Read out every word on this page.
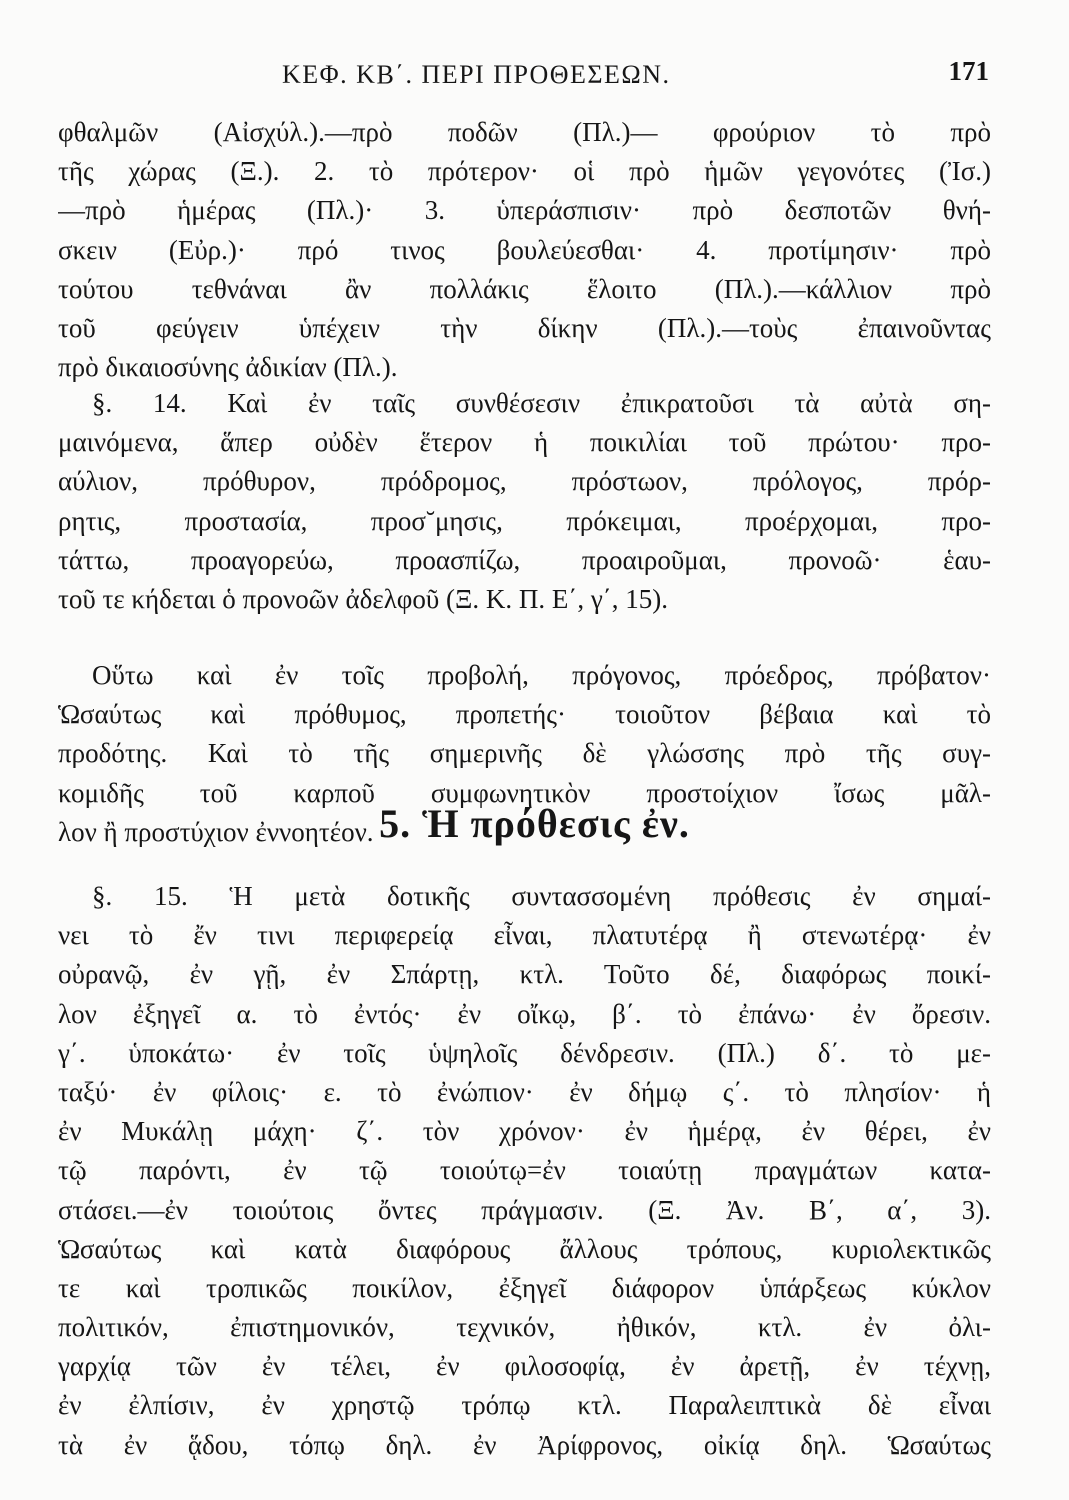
ΚΕΦ. ΚΒ΄. ΠΕΡΙ ΠΡΟΘΕΣΕΩΝ.	171
φθαλμῶν (Αἰσχύλ.).—πρὸ ποδῶν (Πλ.)— φρούριον τὸ πρὸ
τῆς χώρας (Ξ.). 2. τὸ πρότερον· οἱ πρὸ ἡμῶν γεγονότες (Ἰσ.)
—πρὸ ἡμέρας (Πλ.)· 3. ὑπεράσπισιν· πρὸ δεσποτῶν θνή-
σκειν (Εὐρ.)· πρό τινος βουλεύεσθαι· 4. προτίμησιν· πρὸ
τούτου τεθνάναι ἂν πολλάκις ἕλοιτο (Πλ.).—κάλλιον πρὸ
τοῦ φεύγειν ὑπέχειν τὴν δίκην (Πλ.).—τοὺς ἐπαινοῦντας
πρὸ δικαιοσύνης ἀδικίαν (Πλ.).
§. 14. Καὶ ἐν ταῖς συνθέσεσιν ἐπικρατοῦσι τὰ αὐτὰ ση-
μαινόμενα, ἅπερ οὐδὲν ἕτερον ἡ ποικιλίαι τοῦ πρώτου· προ-
αύλιον, πρόθυρον, πρόδρομος, πρόστωον, πρόλογος, πρόρ-
ρητις, προστασία, προσ˘μησις, πρόκειμαι, προέρχομαι, προ-
τάττω, προαγορεύω, προασπίζω, προαιροῦμαι, προνοῶ· ἑαυ-
τοῦ τε κήδεται ὁ προνοῶν ἀδελφοῦ (Ξ. Κ. Π. Ε΄, γ΄, 15).
Οὕτω καὶ ἐν τοῖς προβολή, πρόγονος, πρόεδρος, πρόβατον·
Ὡσαύτως καὶ πρόθυμος, προπετής· τοιοῦτον βέβαια καὶ τὸ
προδότης. Καὶ τὸ τῆς σημερινῆς δὲ γλώσσης πρὸ τῆς συγ-
κομιδῆς τοῦ καρποῦ συμφωνητικὸν προστοίχιον ἴσως μᾶλ-
λον ἢ προστύχιον ἐννοητέον. 5. Ἡ πρόθεσις ἐν.
§. 15. Ἡ μετὰ δοτικῆς συντασσομένη πρόθεσις ἐν σημαί-
νει τὸ ἔν τινι περιφερείᾳ εἶναι, πλατυτέρᾳ ἢ στενωτέρᾳ· ἐν
οὐρανῷ, ἐν γῇ, ἐν Σπάρτῃ, κτλ. Τοῦτο δέ, διαφόρως ποικί-
λον ἐξηγεῖ α. τὸ ἐντός· ἐν οἴκῳ, β΄. τὸ ἐπάνω· ἐν ὄρεσιν.
γ΄. ὑποκάτω· ἐν τοῖς ὑψηλοῖς δένδρεσιν. (Πλ.) δ΄. τὸ με-
ταξύ· ἐν φίλοις· ε. τὸ ἐνώπιον· ἐν δήμῳ ς΄. τὸ πλησίον· ἡ
ἐν Μυκάλῃ μάχη· ζ΄. τὸν χρόνον· ἐν ἡμέρᾳ, ἐν θέρει, ἐν
τῷ παρόντι, ἐν τῷ τοιούτῳ=ἐν τοιαύτῃ πραγμάτων κατα-
στάσει.—ἐν τοιούτοις ὄντες πράγμασιν. (Ξ. Ἀν. Β΄, α΄, 3).
Ὡσαύτως καὶ κατὰ διαφόρους ἄλλους τρόπους, κυριολεκτικῶς
τε καὶ τροπικῶς ποικίλον, ἐξηγεῖ διάφορον ὑπάρξεως κύκλον
πολιτικόν, ἐπιστημονικόν, τεχνικόν, ἠθικόν, κτλ. ἐν ὀλι-
γαρχίᾳ τῶν ἐν τέλει, ἐν φιλοσοφίᾳ, ἐν ἀρετῇ, ἐν τέχνῃ,
ἐν ἐλπίσιν, ἐν χρηστῷ τρόπῳ κτλ. Παραλειπτικὰ δὲ εἶναι
τὰ ἐν ᾅδου, τόπῳ δηλ. ἐν Ἀρίφρονος, οἰκίᾳ δηλ. Ὡσαύτως
